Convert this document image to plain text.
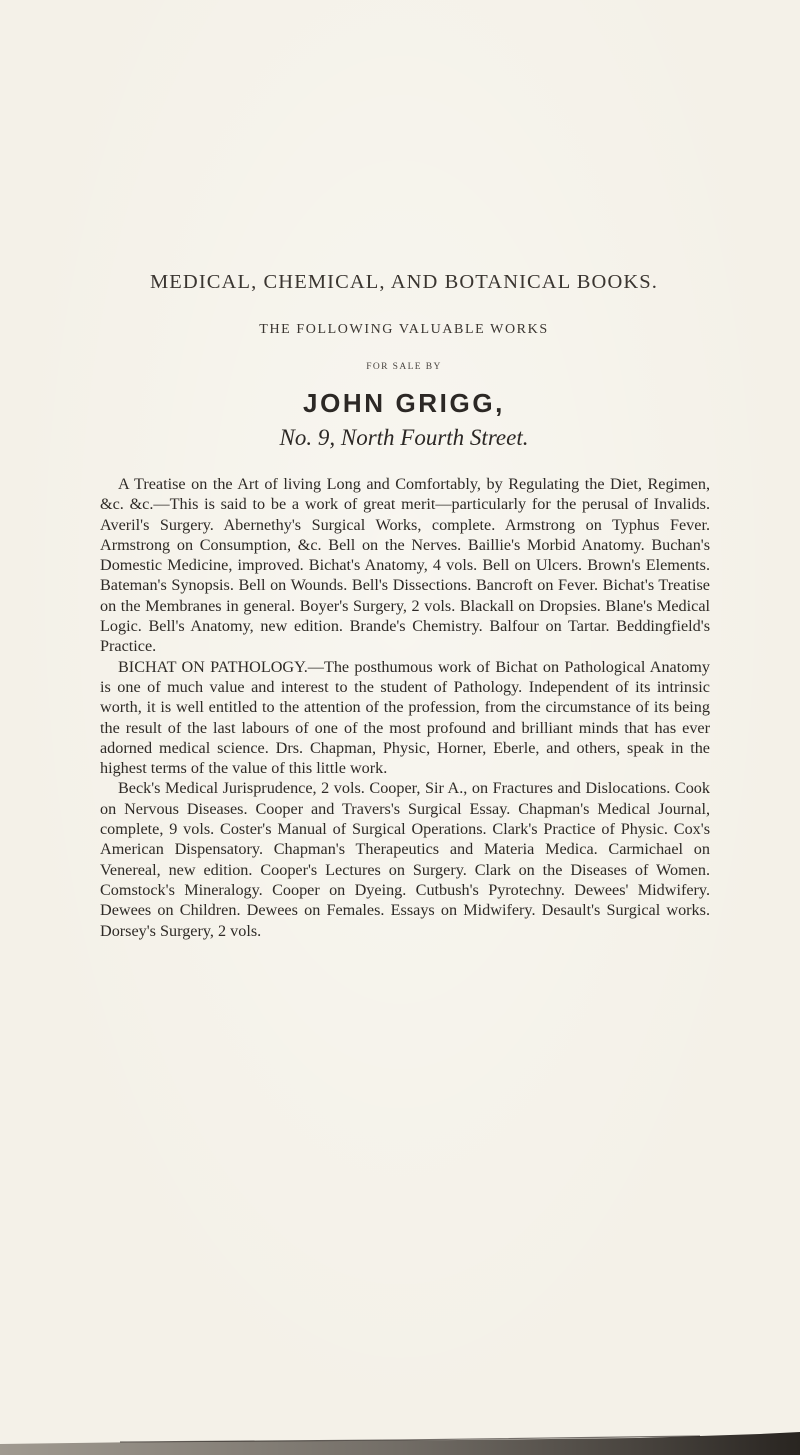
MEDICAL, CHEMICAL, AND BOTANICAL BOOKS.
THE FOLLOWING VALUABLE WORKS
FOR SALE BY
JOHN GRIGG,
No. 9, North Fourth Street.

A Treatise on the Art of living Long and Comfortably, by Regulating the Diet, Regimen, &c. &c.—This is said to be a work of great merit—particularly for the perusal of Invalids. Averil's Surgery. Abernethy's Surgical Works, complete. Armstrong on Typhus Fever. Armstrong on Consumption, &c. Bell on the Nerves. Baillie's Morbid Anatomy. Buchan's Domestic Medicine, improved. Bichat's Anatomy, 4 vols. Bell on Ulcers. Brown's Elements. Bateman's Synopsis. Bell on Wounds. Bell's Dissections. Bancroft on Fever. Bichat's Treatise on the Membranes in general. Boyer's Surgery, 2 vols. Blackall on Dropsies. Blane's Medical Logic. Bell's Anatomy, new edition. Brande's Chemistry. Balfour on Tartar. Beddingfield's Practice.

BICHAT ON PATHOLOGY.—The posthumous work of Bichat on Pathological Anatomy is one of much value and interest to the student of Pathology. Independent of its intrinsic worth, it is well entitled to the attention of the profession, from the circumstance of its being the result of the last labours of one of the most profound and brilliant minds that has ever adorned medical science. Drs. Chapman, Physic, Horner, Eberle, and others, speak in the highest terms of the value of this little work.

Beck's Medical Jurisprudence, 2 vols. Cooper, Sir A., on Fractures and Dislocations. Cook on Nervous Diseases. Cooper and Travers's Surgical Essay. Chapman's Medical Journal, complete, 9 vols. Coster's Manual of Surgical Operations. Clark's Practice of Physic. Cox's American Dispensatory. Chapman's Therapeutics and Materia Medica. Carmichael on Venereal, new edition. Cooper's Lectures on Surgery. Clark on the Diseases of Women. Comstock's Mineralogy. Cooper on Dyeing. Cutbush's Pyrotechny. Dewees' Midwifery. Dewees on Children. Dewees on Females. Essays on Midwifery. Desault's Surgical works. Dorsey's Surgery, 2 vols.
